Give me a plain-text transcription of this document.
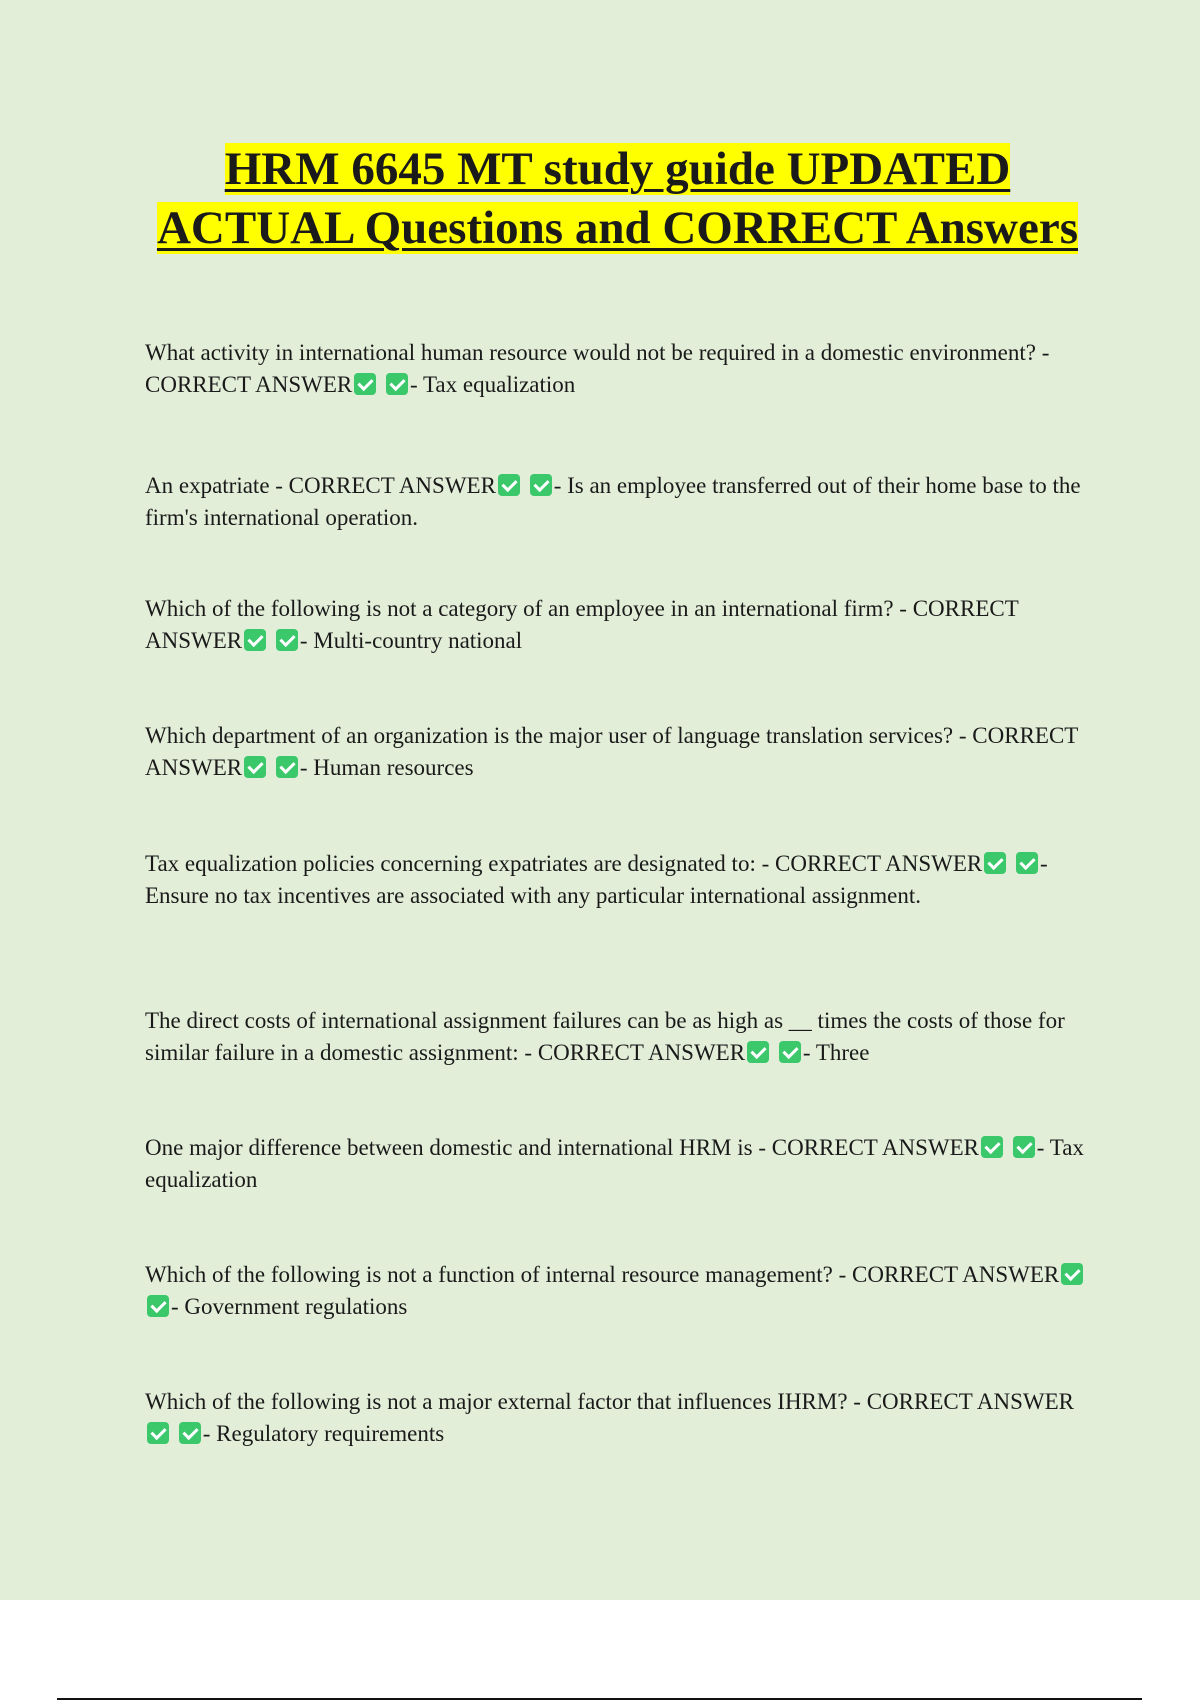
HRM 6645 MT study guide UPDATED ACTUAL Questions and CORRECT Answers

What activity in international human resource would not be required in a domestic environment? - CORRECT ANSWER	- Tax equalization

An expatriate - CORRECT ANSWER	- Is an employee transferred out of their home base to the firm's international operation.

Which of the following is not a category of an employee in an international firm? - CORRECT ANSWER	- Multi-country national

Which department of an organization is the major user of language translation services? - CORRECT ANSWER	- Human resources

Tax equalization policies concerning expatriates are designated to: - CORRECT ANSWER	- Ensure no tax incentives are associated with any particular international assignment.

The direct costs of international assignment failures can be as high as __ times the costs of those for similar failure in a domestic assignment: - CORRECT ANSWER	- Three

One major difference between domestic and international HRM is - CORRECT ANSWER	- Tax equalization

Which of the following is not a function of internal resource management? - CORRECT ANSWER - Government regulations

Which of the following is not a major external factor that influences IHRM? - CORRECT ANSWER - Regulatory requirements
